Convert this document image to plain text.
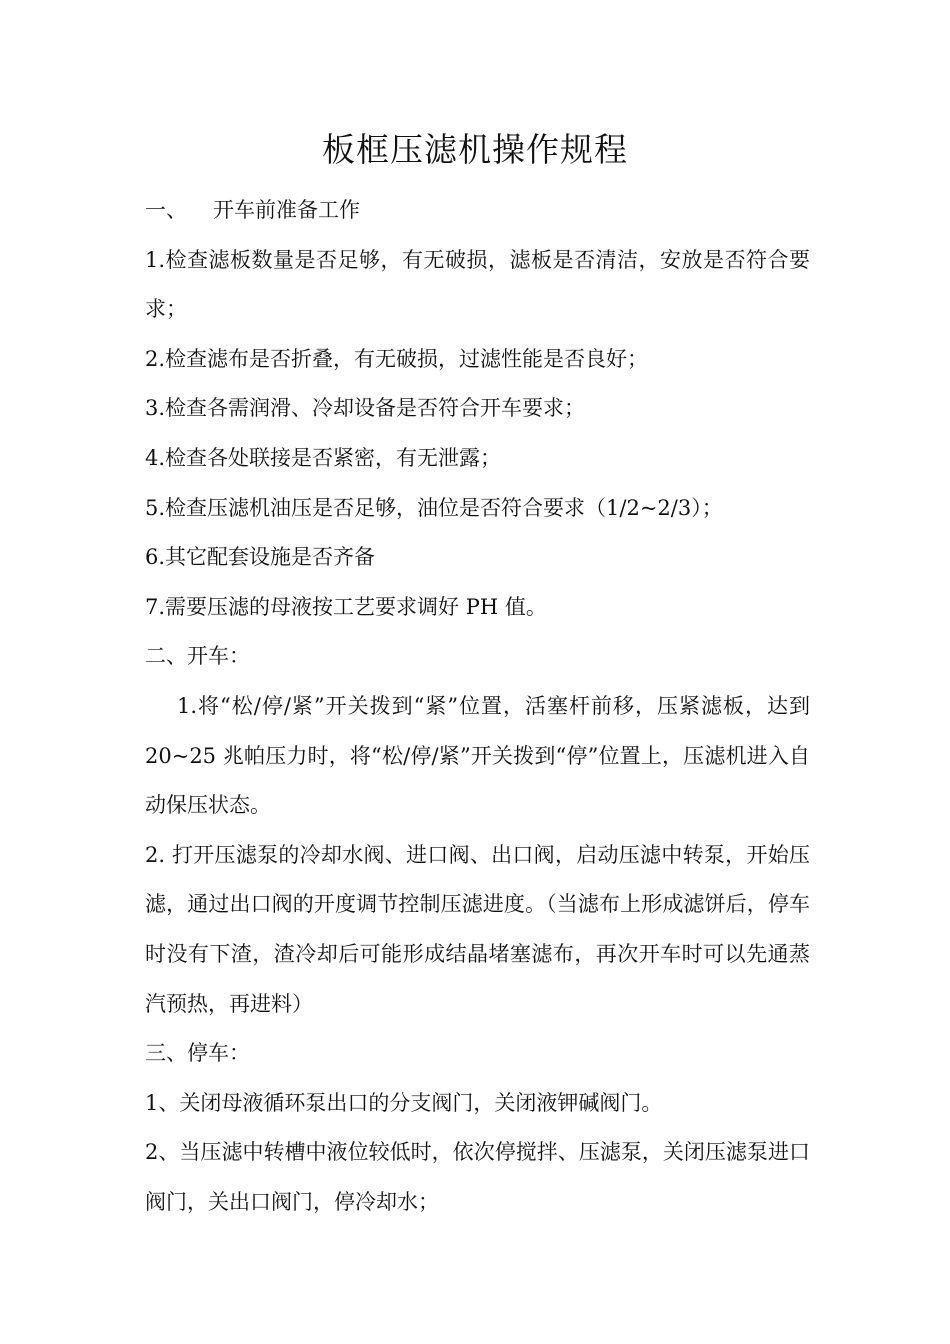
板框压滤机操作规程

一、 开车前准备工作

1.检查滤板数量是否足够，有无破损，滤板是否清洁，安放是否符合要求；

2.检查滤布是否折叠，有无破损，过滤性能是否良好；

3.检查各需润滑、冷却设备是否符合开车要求；

4.检查各处联接是否紧密，有无泄露；

5.检查压滤机油压是否足够，油位是否符合要求（1/2~2/3）；

6.其它配套设施是否齐备

7.需要压滤的母液按工艺要求调好 PH 值。

二、开车：

1.将“松/停/紧”开关拨到“紧”位置，活塞杆前移，压紧滤板，达到20~25 兆帕压力时，将“松/停/紧”开关拨到“停”位置上，压滤机进入自动保压状态。

2. 打开压滤泵的冷却水阀、进口阀、出口阀，启动压滤中转泵，开始压滤，通过出口阀的开度调节控制压滤进度。（当滤布上形成滤饼后，停车时没有下渣，渣冷却后可能形成结晶堵塞滤布，再次开车时可以先通蒸汽预热，再进料）

三、停车：

1、关闭母液循环泵出口的分支阀门，关闭液钾碱阀门。

2、当压滤中转槽中液位较低时，依次停搅拌、压滤泵，关闭压滤泵进口阀门，关出口阀门，停冷却水；
